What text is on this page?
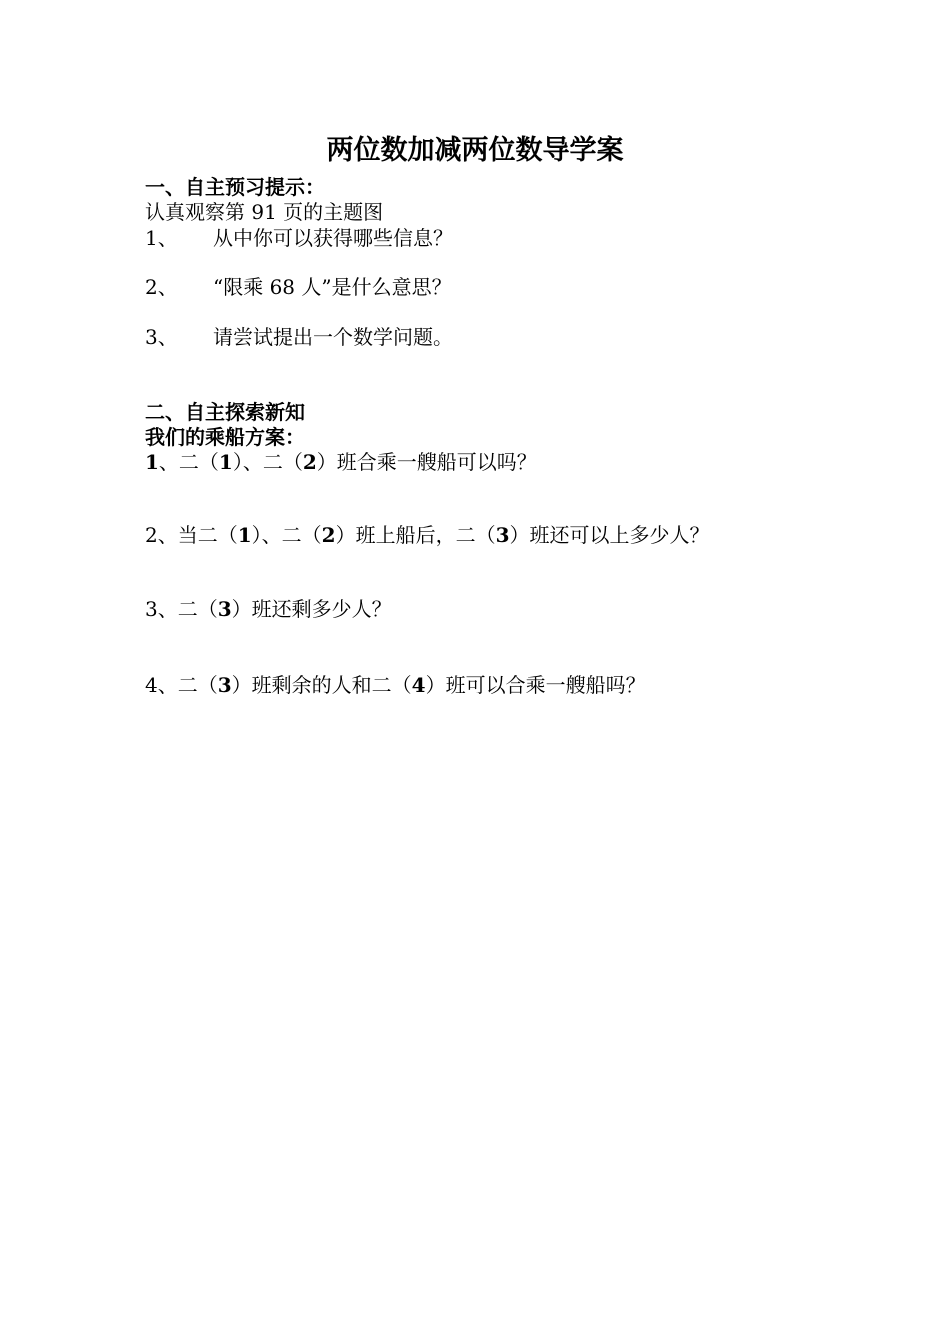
两位数加减两位数导学案
一、自主预习提示：
认真观察第 91 页的主题图
1、 从中你可以获得哪些信息？
2、 “限乘 68 人”是什么意思？
3、 请尝试提出一个数学问题。
二、自主探索新知
我们的乘船方案：
1、二（1）、二（2）班合乘一艘船可以吗？
2、当二（1）、二（2）班上船后，二（3）班还可以上多少人？
3、二（3）班还剩多少人？
4、二（3）班剩余的人和二（4）班可以合乘一艘船吗？
